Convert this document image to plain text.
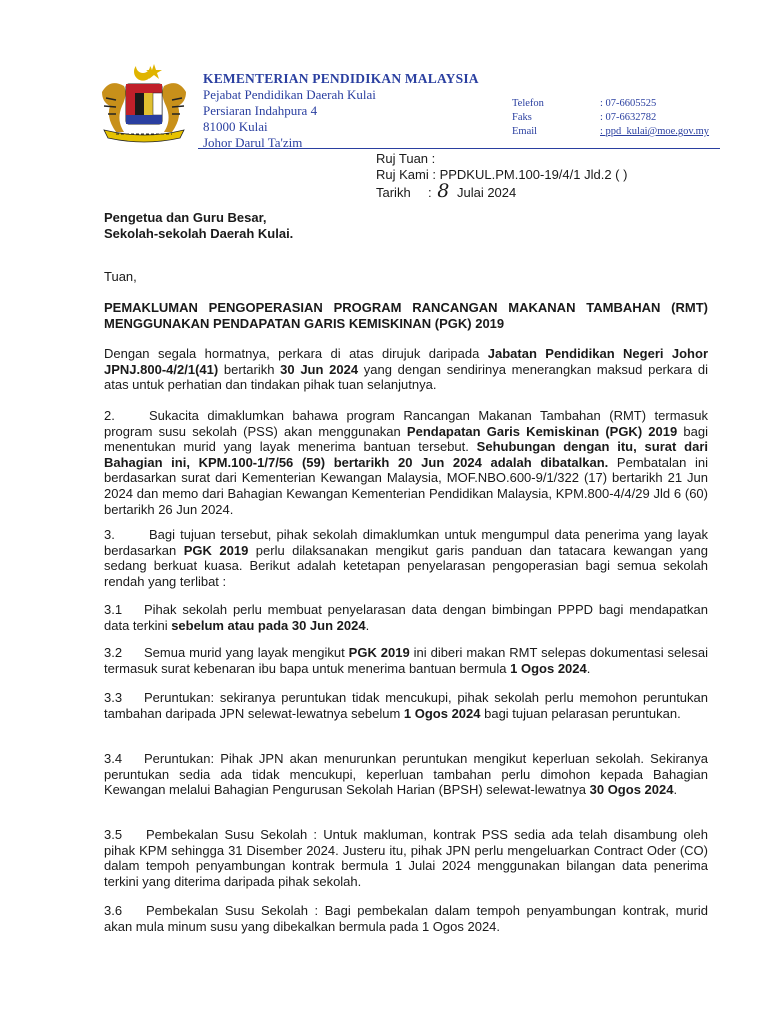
KEMENTERIAN PENDIDIKAN MALAYSIA
Pejabat Pendidikan Daerah Kulai
Persiaran Indahpura 4
81000 Kulai
Johor Darul Ta'zim
Telefon
Faks
Email
: 07-6605525
: 07-6632782
: ppd_kulai@moe.gov.my
Ruj Tuan :
Ruj Kami : PPDKUL.PM.100-19/4/1 Jld.2 ( )
Tarikh : 8 Julai 2024
Pengetua dan Guru Besar,
Sekolah-sekolah Daerah Kulai.
Tuan,
PEMAKLUMAN PENGOPERASIAN PROGRAM RANCANGAN MAKANAN TAMBAHAN (RMT) MENGGUNAKAN PENDAPATAN GARIS KEMISKINAN (PGK) 2019
Dengan segala hormatnya, perkara di atas dirujuk daripada Jabatan Pendidikan Negeri Johor JPNJ.800-4/2/1(41) bertarikh 30 Jun 2024 yang dengan sendirinya menerangkan maksud perkara di atas untuk perhatian dan tindakan pihak tuan selanjutnya.
2.	Sukacita dimaklumkan bahawa program Rancangan Makanan Tambahan (RMT) termasuk program susu sekolah (PSS) akan menggunakan Pendapatan Garis Kemiskinan (PGK) 2019 bagi menentukan murid yang layak menerima bantuan tersebut. Sehubungan dengan itu, surat dari Bahagian ini, KPM.100-1/7/56 (59) bertarikh 20 Jun 2024 adalah dibatalkan. Pembatalan ini berdasarkan surat dari Kementerian Kewangan Malaysia, MOF.NBO.600-9/1/322 (17) bertarikh 21 Jun 2024 dan memo dari Bahagian Kewangan Kementerian Pendidikan Malaysia, KPM.800-4/4/29 Jld 6 (60) bertarikh 26 Jun 2024.
3.	Bagi tujuan tersebut, pihak sekolah dimaklumkan untuk mengumpul data penerima yang layak berdasarkan PGK 2019 perlu dilaksanakan mengikut garis panduan dan tatacara kewangan yang sedang berkuat kuasa. Berikut adalah ketetapan penyelarasan pengoperasian bagi semua sekolah rendah yang terlibat :
3.1 Pihak sekolah perlu membuat penyelarasan data dengan bimbingan PPPD bagi mendapatkan data terkini sebelum atau pada 30 Jun 2024.
3.2 Semua murid yang layak mengikut PGK 2019 ini diberi makan RMT selepas dokumentasi selesai termasuk surat kebenaran ibu bapa untuk menerima bantuan bermula 1 Ogos 2024.
3.3 Peruntukan: sekiranya peruntukan tidak mencukupi, pihak sekolah perlu memohon peruntukan tambahan daripada JPN selewat-lewatnya sebelum 1 Ogos 2024 bagi tujuan pelarasan peruntukan.
3.4 Peruntukan: Pihak JPN akan menurunkan peruntukan mengikut keperluan sekolah. Sekiranya peruntukan sedia ada tidak mencukupi, keperluan tambahan perlu dimohon kepada Bahagian Kewangan melalui Bahagian Pengurusan Sekolah Harian (BPSH) selewat-lewatnya 30 Ogos 2024.
3.5 Pembekalan Susu Sekolah : Untuk makluman, kontrak PSS sedia ada telah disambung oleh pihak KPM sehingga 31 Disember 2024. Justeru itu, pihak JPN perlu mengeluarkan Contract Oder (CO) dalam tempoh penyambungan kontrak bermula 1 Julai 2024 menggunakan bilangan data penerima terkini yang diterima daripada pihak sekolah.
3.6 Pembekalan Susu Sekolah : Bagi pembekalan dalam tempoh penyambungan kontrak, murid akan mula minum susu yang dibekalkan bermula pada 1 Ogos 2024.
